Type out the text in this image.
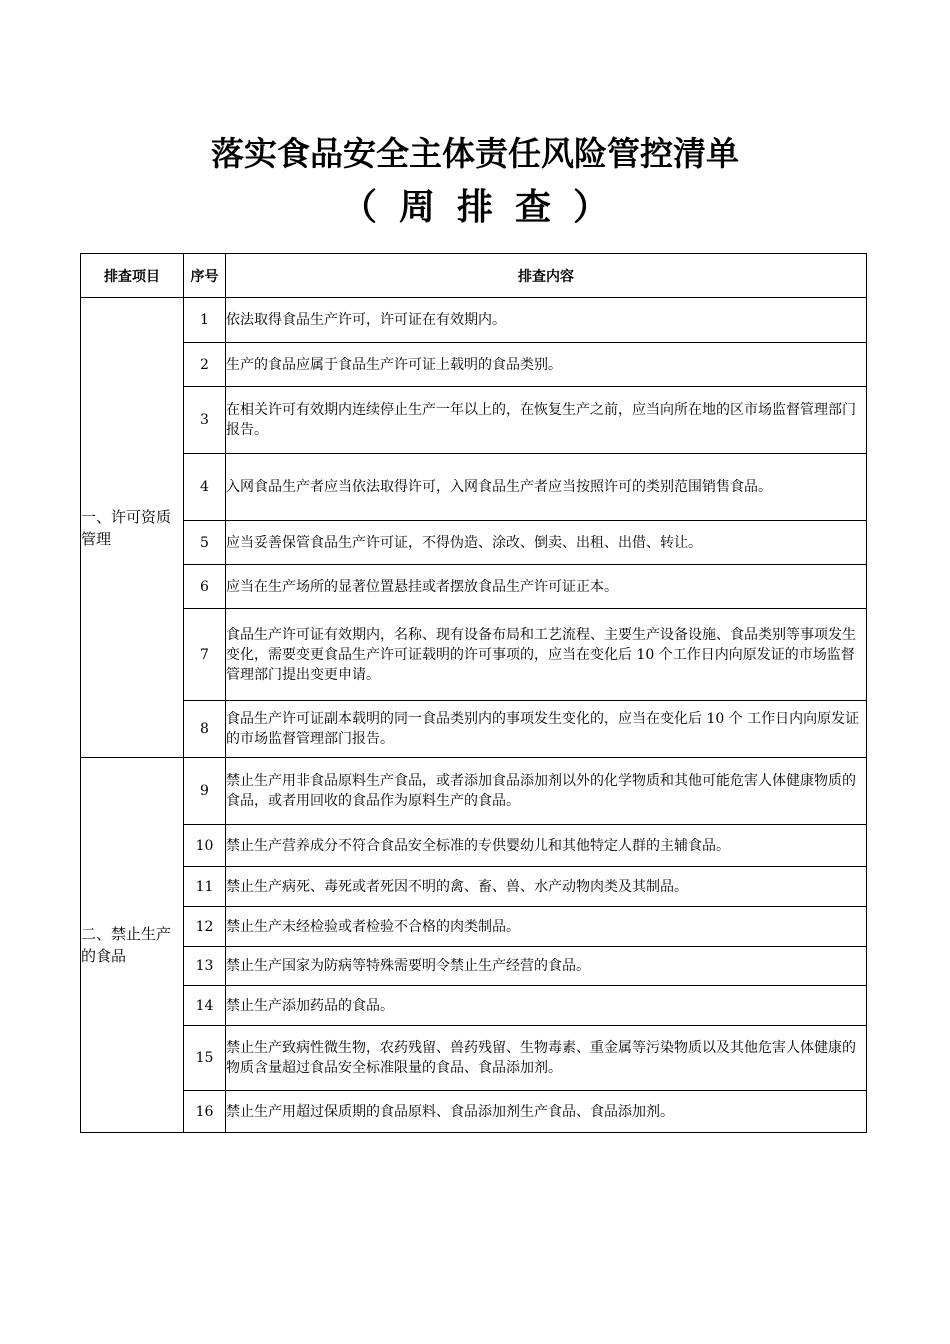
落实食品安全主体责任风险管控清单
（周排查）
排查项目	序号	排查内容
一、许可资质管理	1	依法取得食品生产许可，许可证在有效期内。
	2	生产的食品应属于食品生产许可证上载明的食品类别。
	3	在相关许可有效期内连续停止生产一年以上的，在恢复生产之前，应当向所在地的区市场监督管理部门报告。
	4	入网食品生产者应当依法取得许可，入网食品生产者应当按照许可的类别范围销售食品。
	5	应当妥善保管食品生产许可证，不得伪造、涂改、倒卖、出租、出借、转让。
	6	应当在生产场所的显著位置悬挂或者摆放食品生产许可证正本。
	7	食品生产许可证有效期内，名称、现有设备布局和工艺流程、主要生产设备设施、食品类别等事项发生变化，需要变更食品生产许可证载明的许可事项的，应当在变化后 10 个工作日内向原发证的市场监督管理部门提出变更申请。
	8	食品生产许可证副本载明的同一食品类别内的事项发生变化的，应当在变化后 10 个 工作日内向原发证的市场监督管理部门报告。
二、禁止生产的食品	9	禁止生产用非食品原料生产食品，或者添加食品添加剂以外的化学物质和其他可能危害人体健康物质的食品，或者用回收的食品作为原料生产的食品。
	10	禁止生产营养成分不符合食品安全标准的专供婴幼儿和其他特定人群的主辅食品。
	11	禁止生产病死、毒死或者死因不明的禽、畜、兽、水产动物肉类及其制品。
	12	禁止生产未经检验或者检验不合格的肉类制品。
	13	禁止生产国家为防病等特殊需要明令禁止生产经营的食品。
	14	禁止生产添加药品的食品。
	15	禁止生产致病性微生物，农药残留、兽药残留、生物毒素、重金属等污染物质以及其他危害人体健康的物质含量超过食品安全标准限量的食品、食品添加剂。
	16	禁止生产用超过保质期的食品原料、食品添加剂生产食品、食品添加剂。
